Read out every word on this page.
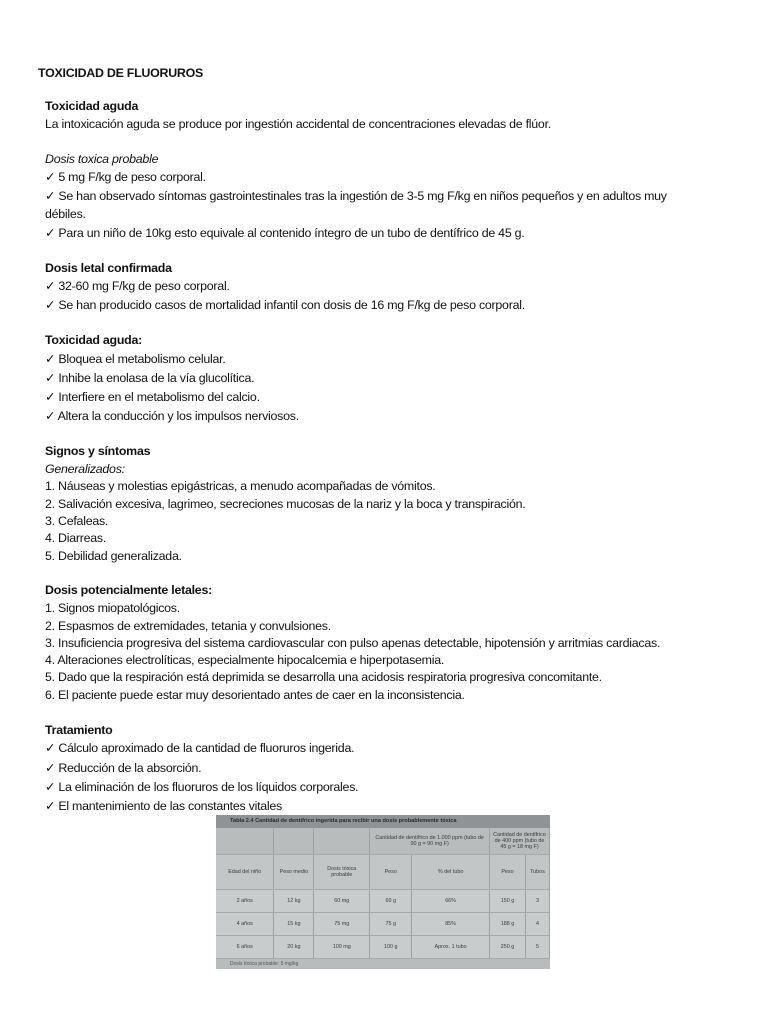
TOXICIDAD DE FLUORUROS
Toxicidad aguda
La intoxicación aguda se produce por ingestión accidental de concentraciones elevadas de flúor.
Dosis toxica probable
✓ 5 mg F/kg de peso corporal.
✓ Se han observado síntomas gastrointestinales tras la ingestión de 3-5 mg F/kg en niños pequeños y en adultos muy
débiles.
✓ Para un niño de 10kg esto equivale al contenido íntegro de un tubo de dentífrico de 45 g.
Dosis letal confirmada
✓ 32-60 mg F/kg de peso corporal.
✓ Se han producido casos de mortalidad infantil con dosis de 16 mg F/kg de peso corporal.
Toxicidad aguda:
✓ Bloquea el metabolismo celular.
✓ Inhibe la enolasa de la vía glucolítica.
✓ Interfiere en el metabolismo del calcio.
✓ Altera la conducción y los impulsos nerviosos.
Signos y síntomas
Generalizados:
1. Náuseas y molestias epigástricas, a menudo acompañadas de vómitos.
2. Salivación excesiva, lagrimeo, secreciones mucosas de la nariz y la boca y transpiración.
3. Cefaleas.
4. Diarreas.
5. Debilidad generalizada.
Dosis potencialmente letales:
1. Signos miopatológicos.
2. Espasmos de extremidades, tetania y convulsiones.
3. Insuficiencia progresiva del sistema cardiovascular con pulso apenas detectable, hipotensión y arritmias cardiacas.
4. Alteraciones electrolíticas, especialmente hipocalcemia e hiperpotasemia.
5. Dado que la respiración está deprimida se desarrolla una acidosis respiratoria progresiva concomitante.
6. El paciente puede estar muy desorientado antes de caer en la inconsistencia.
Tratamiento
✓ Cálculo aproximado de la cantidad de fluoruros ingerida.
✓ Reducción de la absorción.
✓ La eliminación de los fluoruros de los líquidos corporales.
✓ El mantenimiento de las constantes vitales
Tabla 2.4 Cantidad de dentífrico ingerida para recibir una dosis probablemente tóxica
			Cantidad de dentífrico de 1.000 ppm (tubo de 90 g = 90 mg F)		Cantidad de dentífrico de 400 ppm (tubo de 45 g = 18 mg F)	
Edad del niño	Peso medio	Dosis tóxica probable	Peso	% del tubo	Peso	Tubos
2 años	12 kg	60 mg	60 g	66%	150 g	3
4 años	15 kg	75 mg	75 g	85%	188 g	4
6 años	20 kg	100 mg	100 g	Aprox. 1 tubo	250 g	5
Dosis tóxica probable: 5 mg/kg
